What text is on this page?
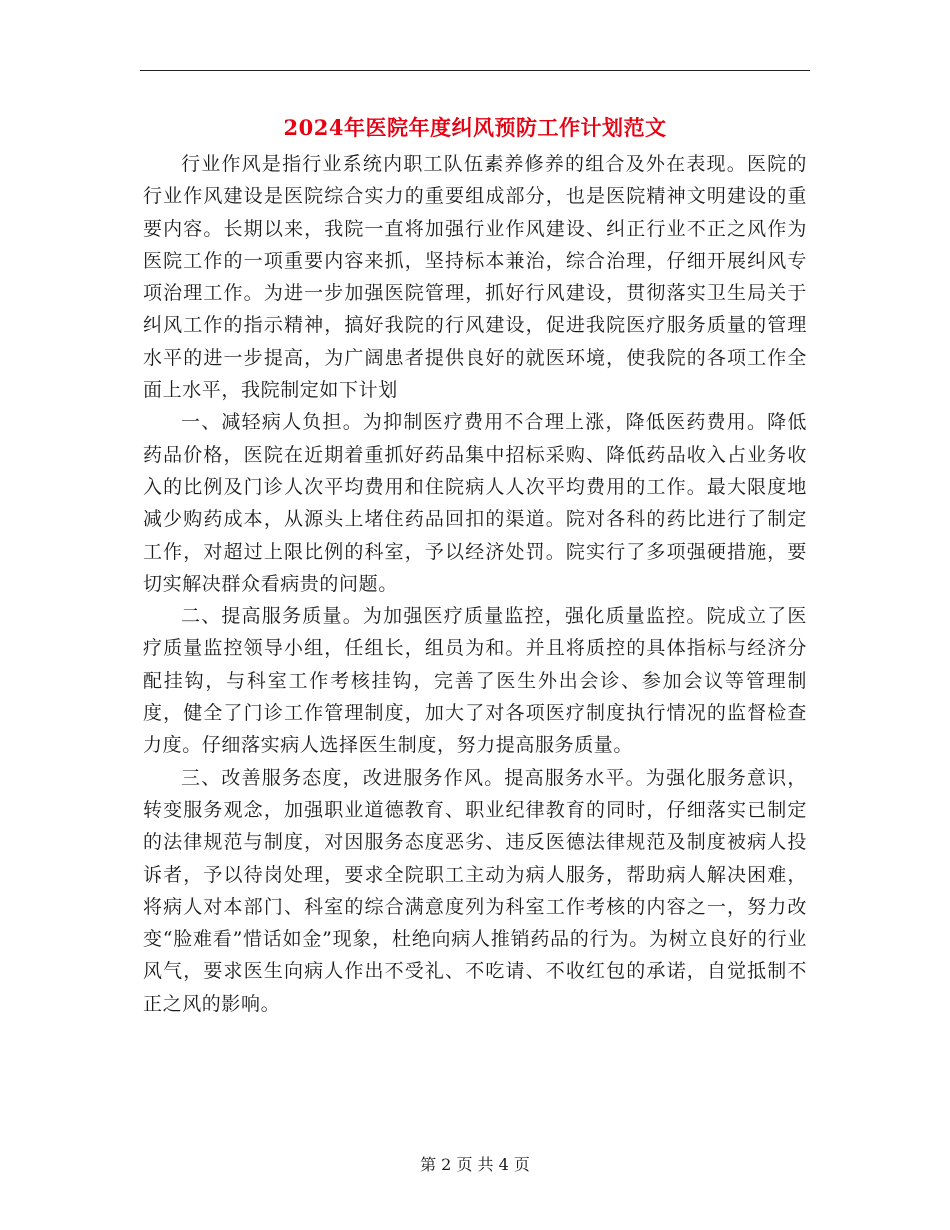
2024年医院年度纠风预防工作计划范文

行业作风是指行业系统内职工队伍素养修养的组合及外在表现。医院的行业作风建设是医院综合实力的重要组成部分，也是医院精神文明建设的重要内容。长期以来，我院一直将加强行业作风建设、纠正行业不正之风作为医院工作的一项重要内容来抓，坚持标本兼治，综合治理，仔细开展纠风专项治理工作。为进一步加强医院管理，抓好行风建设，贯彻落实卫生局关于纠风工作的指示精神，搞好我院的行风建设，促进我院医疗服务质量的管理水平的进一步提高，为广阔患者提供良好的就医环境，使我院的各项工作全面上水平，我院制定如下计划

一、减轻病人负担。为抑制医疗费用不合理上涨，降低医药费用。降低药品价格，医院在近期着重抓好药品集中招标采购、降低药品收入占业务收入的比例及门诊人次平均费用和住院病人人次平均费用的工作。最大限度地减少购药成本，从源头上堵住药品回扣的渠道。院对各科的药比进行了制定工作，对超过上限比例的科室，予以经济处罚。院实行了多项强硬措施，要切实解决群众看病贵的问题。

二、提高服务质量。为加强医疗质量监控，强化质量监控。院成立了医疗质量监控领导小组，任组长，组员为和。并且将质控的具体指标与经济分配挂钩，与科室工作考核挂钩，完善了医生外出会诊、参加会议等管理制度，健全了门诊工作管理制度，加大了对各项医疗制度执行情况的监督检查力度。仔细落实病人选择医生制度，努力提高服务质量。

三、改善服务态度，改进服务作风。提高服务水平。为强化服务意识，转变服务观念，加强职业道德教育、职业纪律教育的同时，仔细落实已制定的法律规范与制度，对因服务态度恶劣、违反医德法律规范及制度被病人投诉者，予以待岗处理，要求全院职工主动为病人服务，帮助病人解决困难，将病人对本部门、科室的综合满意度列为科室工作考核的内容之一，努力改变“脸难看”惜话如金”现象，杜绝向病人推销药品的行为。为树立良好的行业风气，要求医生向病人作出不受礼、不吃请、不收红包的承诺，自觉抵制不正之风的影响。

第 2 页 共 4 页
